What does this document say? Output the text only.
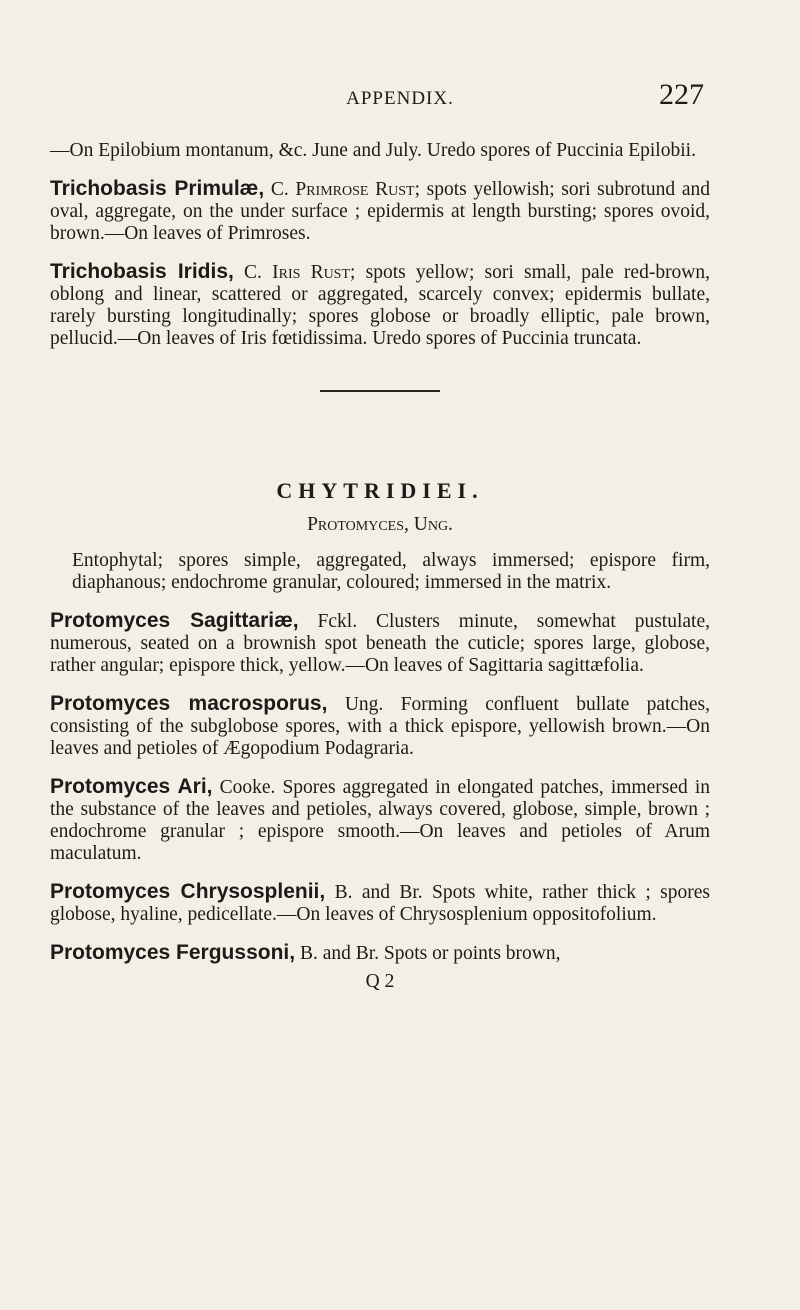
APPENDIX.	227

—On Epilobium montanum, &c. June and July. Uredo spores of Puccinia Epilobii.

Trichobasis Primulæ, C. Primrose Rust; spots yellowish; sori subrotund and oval, aggregate, on the under surface ; epidermis at length bursting; spores ovoid, brown.—On leaves of Primroses.

Trichobasis Iridis, C. Iris Rust; spots yellow; sori small, pale red-brown, oblong and linear, scattered or aggregated, scarcely convex; epidermis bullate, rarely bursting longitudinally; spores globose or broadly elliptic, pale brown, pellucid.—On leaves of Iris fœtidissima. Uredo spores of Puccinia truncata.

CHYTRIDIEI.
Protomyces, Ung.

Entophytal; spores simple, aggregated, always immersed; epispore firm, diaphanous; endochrome granular, coloured; immersed in the matrix.

Protomyces Sagittariæ, Fckl. Clusters minute, somewhat pustulate, numerous, seated on a brownish spot beneath the cuticle; spores large, globose, rather angular; epispore thick, yellow.—On leaves of Sagittaria sagittæfolia.

Protomyces macrosporus, Ung. Forming confluent bullate patches, consisting of the subglobose spores, with a thick epispore, yellowish brown.—On leaves and petioles of Ægopodium Podagraria.

Protomyces Ari, Cooke. Spores aggregated in elongated patches, immersed in the substance of the leaves and petioles, always covered, globose, simple, brown ; endochrome granular ; epispore smooth.—On leaves and petioles of Arum maculatum.

Protomyces Chrysosplenii, B. and Br. Spots white, rather thick ; spores globose, hyaline, pedicellate.—On leaves of Chrysosplenium oppositofolium.

Protomyces Fergussoni, B. and Br. Spots or points brown,

Q 2
